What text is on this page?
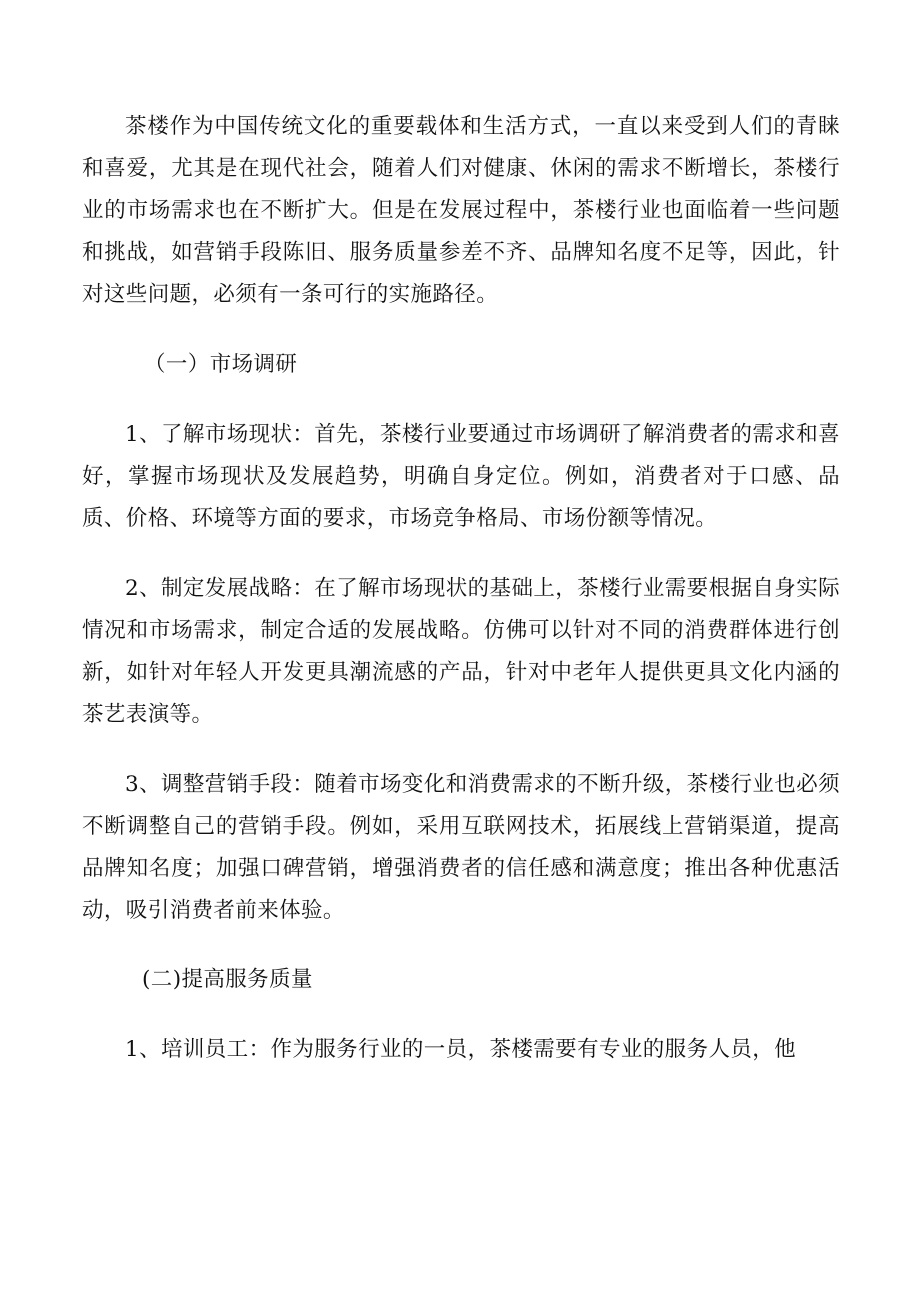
茶楼作为中国传统文化的重要载体和生活方式，一直以来受到人们的青睐和喜爱，尤其是在现代社会，随着人们对健康、休闲的需求不断增长，茶楼行业的市场需求也在不断扩大。但是在发展过程中，茶楼行业也面临着一些问题和挑战，如营销手段陈旧、服务质量参差不齐、品牌知名度不足等，因此，针对这些问题，必须有一条可行的实施路径。

（一）市场调研

1、了解市场现状：首先，茶楼行业要通过市场调研了解消费者的需求和喜好，掌握市场现状及发展趋势，明确自身定位。例如，消费者对于口感、品质、价格、环境等方面的要求，市场竞争格局、市场份额等情况。

2、制定发展战略：在了解市场现状的基础上，茶楼行业需要根据自身实际情况和市场需求，制定合适的发展战略。仿佛可以针对不同的消费群体进行创新，如针对年轻人开发更具潮流感的产品，针对中老年人提供更具文化内涵的茶艺表演等。

3、调整营销手段：随着市场变化和消费需求的不断升级，茶楼行业也必须不断调整自己的营销手段。例如，采用互联网技术，拓展线上营销渠道，提高品牌知名度；加强口碑营销，增强消费者的信任感和满意度；推出各种优惠活动，吸引消费者前来体验。

(二)提高服务质量

1、培训员工：作为服务行业的一员，茶楼需要有专业的服务人员，他
